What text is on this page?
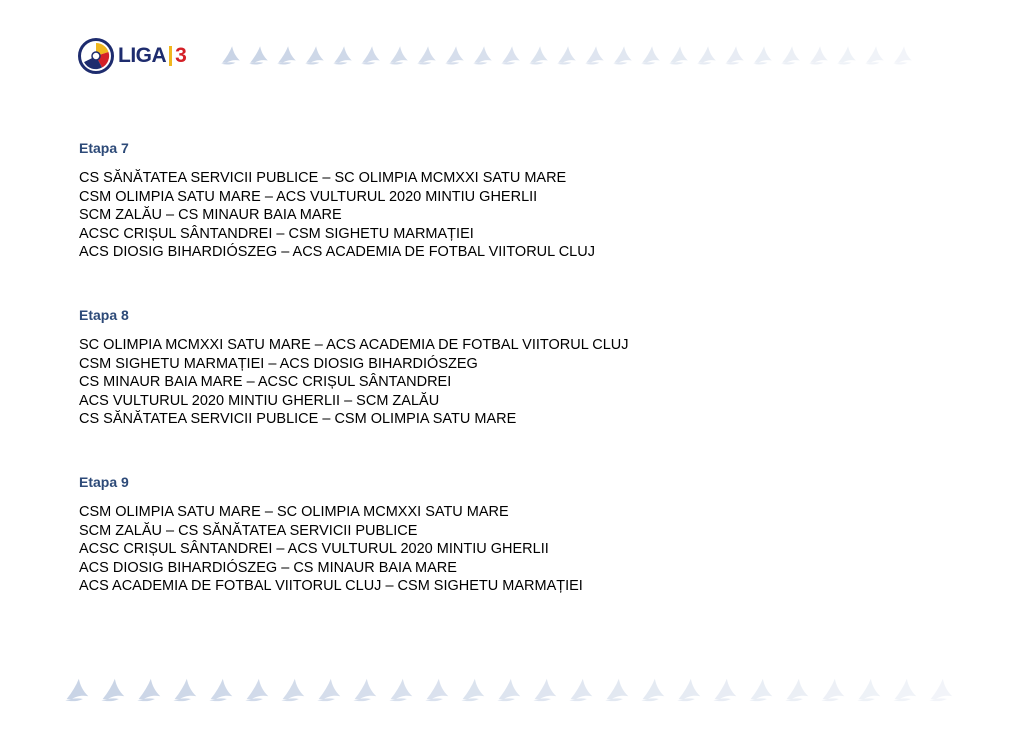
LIGA 3
Etapa 7
CS SĂNĂTATEA SERVICII PUBLICE – SC OLIMPIA MCMXXI SATU MARE
CSM OLIMPIA SATU MARE – ACS VULTURUL 2020 MINTIU GHERLII
SCM ZALĂU – CS MINAUR BAIA MARE
ACSC CRIȘUL SÂNTANDREI – CSM SIGHETU MARMAȚIEI
ACS DIOSIG BIHARDIÓSZEG – ACS ACADEMIA DE FOTBAL VIITORUL CLUJ
Etapa 8
SC OLIMPIA MCMXXI SATU MARE – ACS ACADEMIA DE FOTBAL VIITORUL CLUJ
CSM SIGHETU MARMAȚIEI – ACS DIOSIG BIHARDIÓSZEG
CS MINAUR BAIA MARE – ACSC CRIȘUL SÂNTANDREI
ACS VULTURUL 2020 MINTIU GHERLII – SCM ZALĂU
CS SĂNĂTATEA SERVICII PUBLICE – CSM OLIMPIA SATU MARE
Etapa 9
CSM OLIMPIA SATU MARE – SC OLIMPIA MCMXXI SATU MARE
SCM ZALĂU – CS SĂNĂTATEA SERVICII PUBLICE
ACSC CRIȘUL SÂNTANDREI – ACS VULTURUL 2020 MINTIU GHERLII
ACS DIOSIG BIHARDIÓSZEG – CS MINAUR BAIA MARE
ACS ACADEMIA DE FOTBAL VIITORUL CLUJ – CSM SIGHETU MARMAȚIEI
